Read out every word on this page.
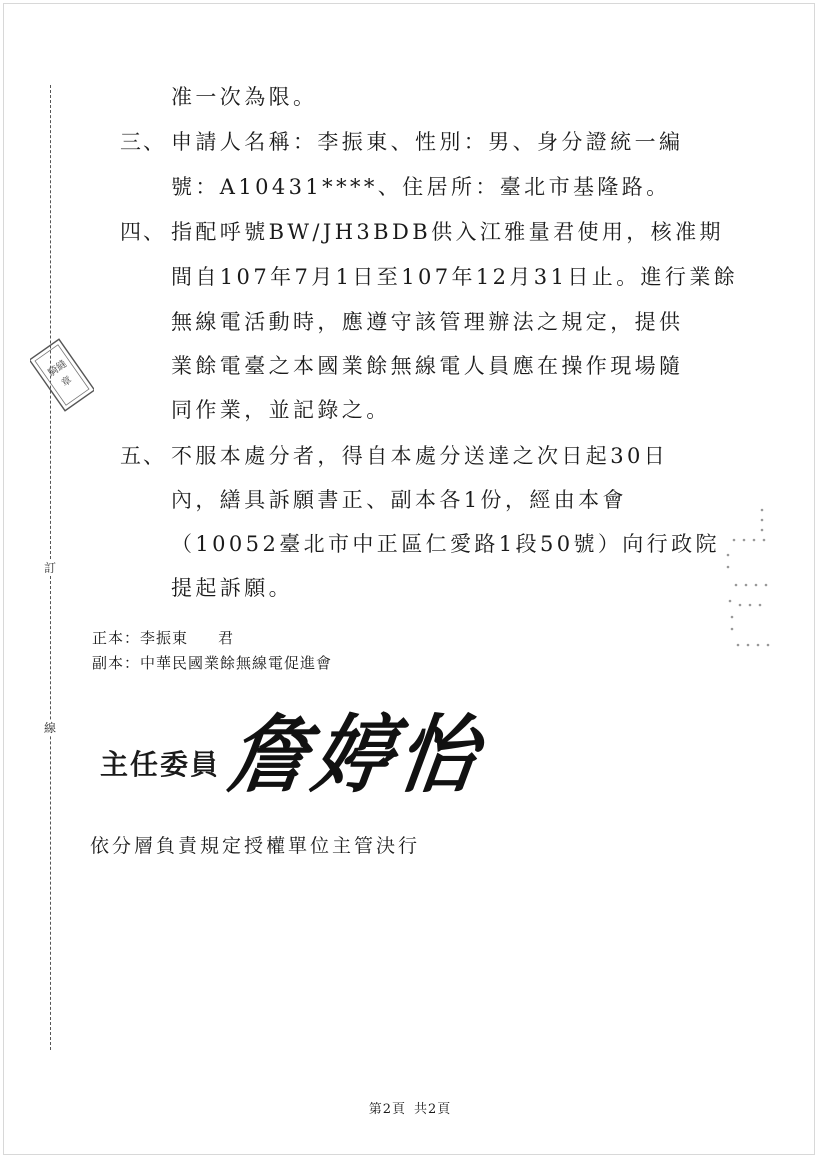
訂
線
騎縫
章
准一次為限。
三、 申請人名稱：李振東、性別：男、身分證統一編
號：A10431****、住居所：臺北市基隆路。
四、 指配呼號BW/JH3BDB供入江雅量君使用，核准期
間自107年7月1日至107年12月31日止。進行業餘
無線電活動時，應遵守該管理辦法之規定，提供
業餘電臺之本國業餘無線電人員應在操作現場隨
同作業，並記錄之。
五、 不服本處分者，得自本處分送達之次日起30日
內，繕具訴願書正、副本各1份，經由本會
（10052臺北市中正區仁愛路1段50號）向行政院
提起訴願。
正本：李振東 君
副本：中華民國業餘無線電促進會
主任委員 詹婷怡
依分層負責規定授權單位主管決行
第2頁 共2頁
